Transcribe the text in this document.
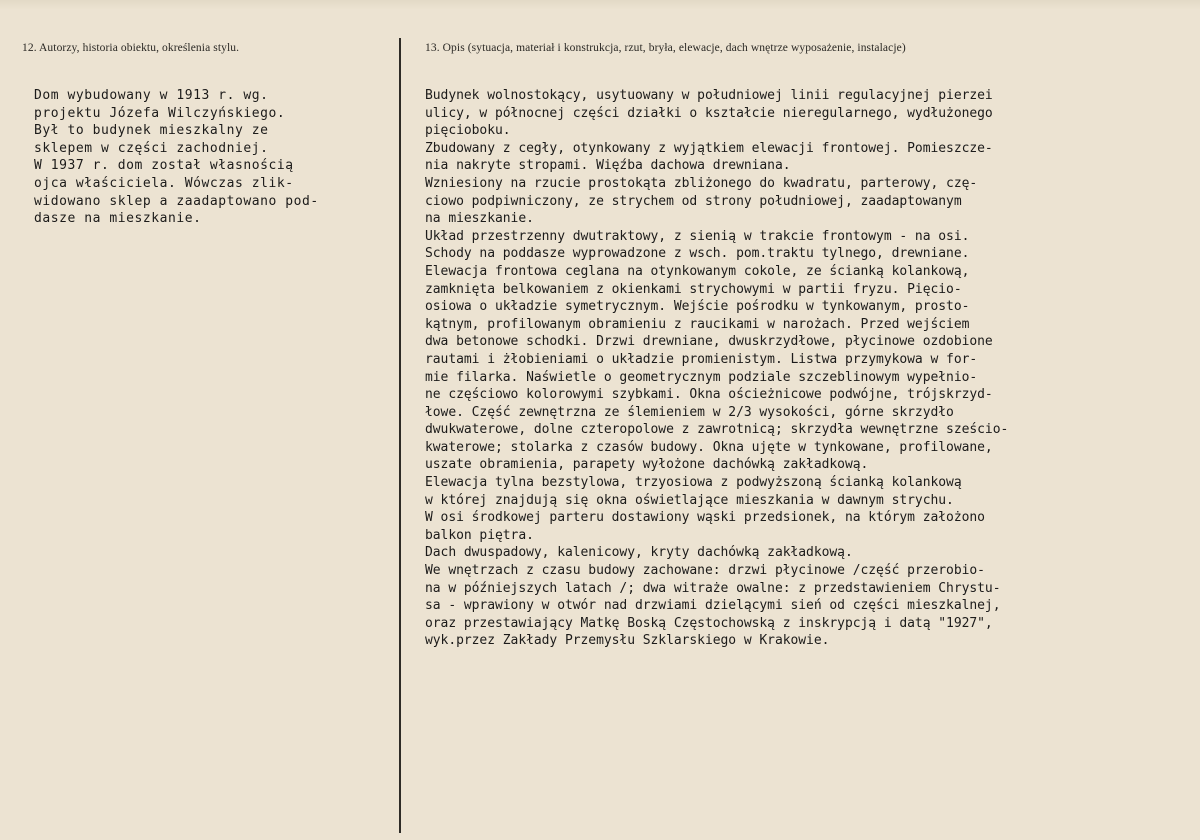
12. Autorzy, historia obiektu, określenia stylu.	13. Opis (sytuacja, materiał i konstrukcja, rzut, bryła, elewacje, dach wnętrze wyposażenie, instalacje)
Dom wybudowany w 1913 r. wg.
projektu Józefa Wilczyńskiego.
Był to budynek mieszkalny ze
sklepem w części zachodniej.
W 1937 r. dom został własnością
ojca właściciela. Wówczas zlik-
widowano sklep a zaadaptowano pod-
dasze na mieszkanie.
Budynek wolnostokący, usytuowany w południowej linii regulacyjnej pierzei
ulicy, w północnej części działki o kształcie nieregularnego, wydłużonego
pięcioboku.
Zbudowany z cegły, otynkowany z wyjątkiem elewacji frontowej. Pomieszcze-
nia nakryte stropami. Więźba dachowa drewniana.
Wzniesiony na rzucie prostokąta zbliżonego do kwadratu, parterowy, czę-
ciowo podpiwniczony, ze strychem od strony południowej, zaadaptowanym
na mieszkanie.
Układ przestrzenny dwutraktowy, z sienią w trakcie frontowym - na osi.
Schody na poddasze wyprowadzone z wsch. pom.traktu tylnego, drewniane.
Elewacja frontowa ceglana na otynkowanym cokole, ze ścianką kolankową,
zamknięta belkowaniem z okienkami strychowymi w partii fryzu. Pięcio-
osiowa o układzie symetrycznym. Wejście pośrodku w tynkowanym, prosto-
kątnym, profilowanym obramieniu z raucikami w narożach. Przed wejściem
dwa betonowe schodki. Drzwi drewniane, dwuskrzydłowe, płycinowe ozdobione
rautami i żłobieniami o układzie promienistym. Listwa przymykowa w for-
mie filarka. Naświetle o geometrycznym podziale szczeblinowym wypełnio-
ne częściowo kolorowymi szybkami. Okna ościeżnicowe podwójne, trójskrzyd-
łowe. Część zewnętrzna ze ślemieniem w 2/3 wysokości, górne skrzydło
dwukwaterowe, dolne czteropolowe z zawrotnicą; skrzydła wewnętrzne sześcio-
kwaterowe; stolarka z czasów budowy. Okna ujęte w tynkowane, profilowane,
uszate obramienia, parapety wyłożone dachówką zakładkową.
Elewacja tylna bezstylowa, trzyosiowa z podwyższoną ścianką kolankową
w której znajdują się okna oświetlające mieszkania w dawnym strychu.
W osi środkowej parteru dostawiony wąski przedsionek, na którym założono
balkon piętra.
Dach dwuspadowy, kalenicowy, kryty dachówką zakładkową.
We wnętrzach z czasu budowy zachowane: drzwi płycinowe /część przerobio-
na w późniejszych latach /; dwa witraże owalne: z przedstawieniem Chrystu-
sa - wprawiony w otwór nad drzwiami dzielącymi sień od części mieszkalnej,
oraz przestawiający Matkę Boską Częstochowską z inskrypcją i datą "1927",
wyk.przez Zakłady Przemysłu Szklarskiego w Krakowie.
